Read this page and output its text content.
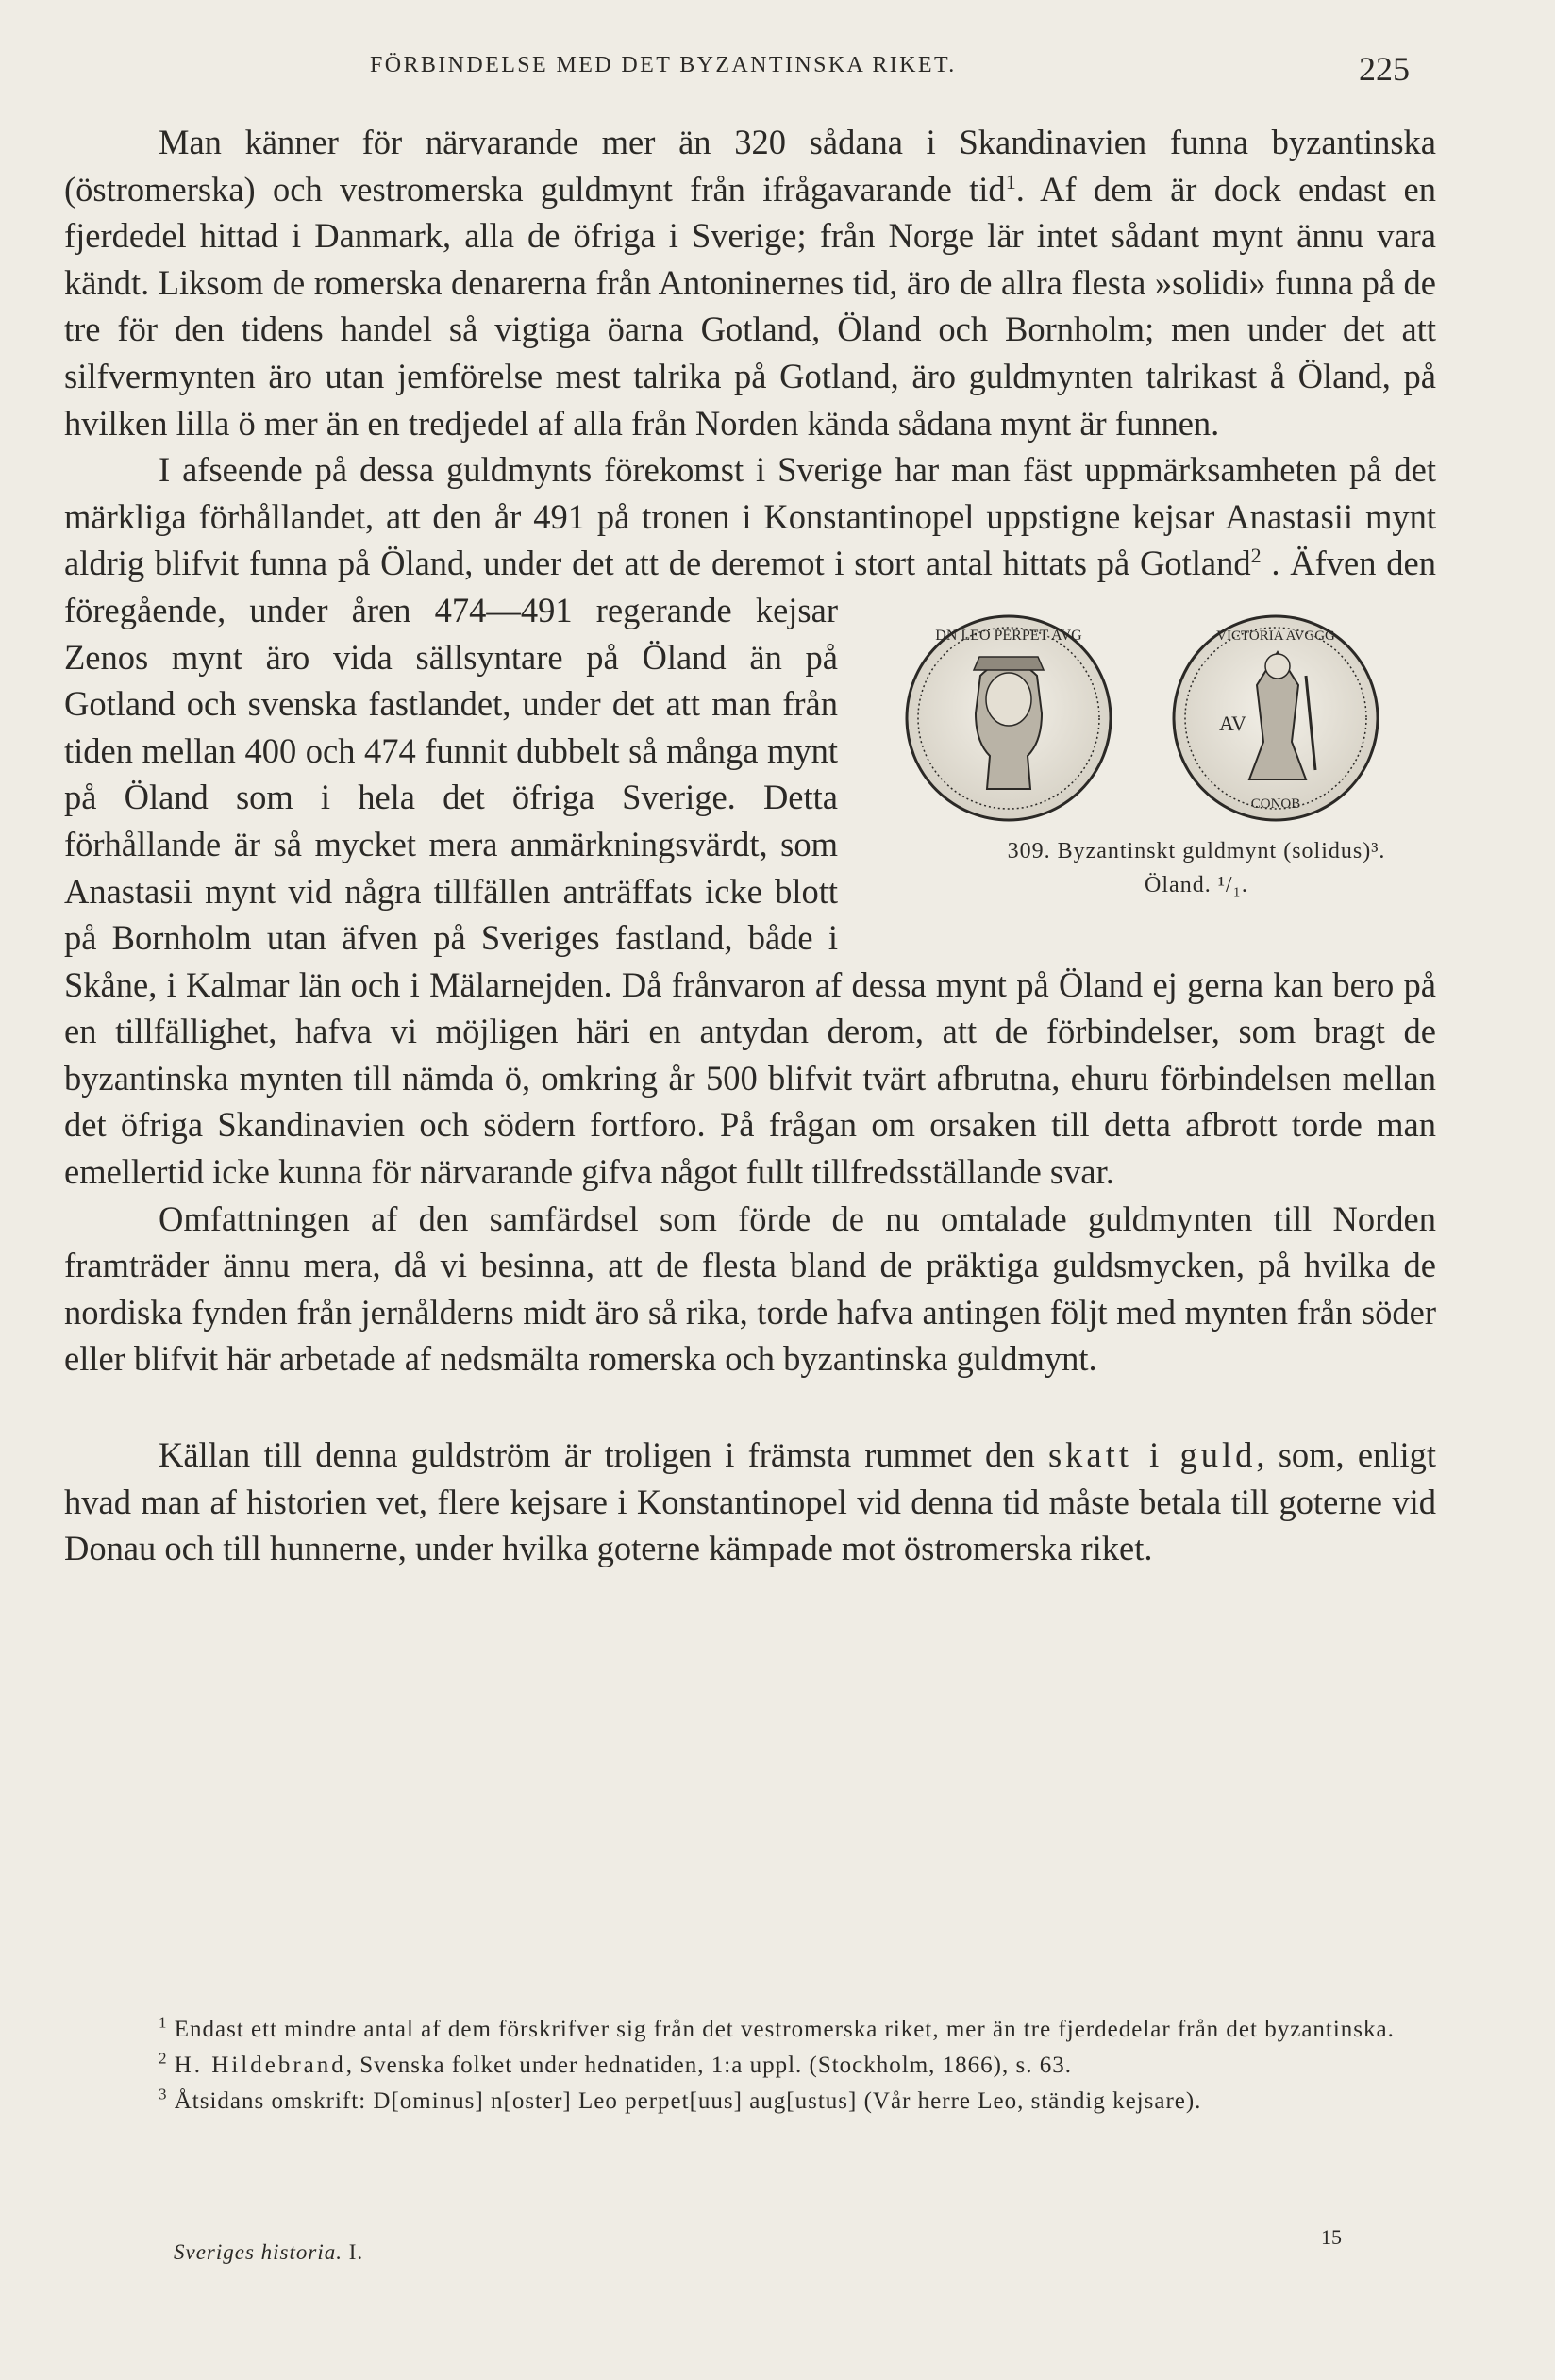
FÖRBINDELSE MED DET BYZANTINSKA RIKET.	225

Man känner för närvarande mer än 320 sådana i Skandinavien funna byzantinska (östromerska) och vestromerska guldmynt från ifrågavarande tid$^1$. Af dem är dock endast en fjerdedel hittad i Danmark, alla de öfriga i Sverige; från Norge lär intet sådant mynt ännu vara kändt. Liksom de romerska denarerna från Antoninernes tid, äro de allra flesta »solidi» funna på de tre för den tidens handel så vigtiga öarna Gotland, Öland och Bornholm; men under det att silfvermynten äro utan jemförelse mest talrika på Gotland, äro guldmynten talrikast å Öland, på hvilken lilla ö mer än en tredjedel af alla från Norden kända sådana mynt är funnen.

I afseende på dessa guldmynts förekomst i Sverige har man fäst uppmärksamheten på det märkliga förhållandet, att den år 491 på tronen i Konstantinopel uppstigne kejsar Anastasii mynt aldrig blifvit funna på Öland, under det att de deremot i stort antal hittats på Gotland$^2$
DN LEO PERPET AVG
AV
VICTORIA AVGGG
CONOB
309. Byzantinskt guldmynt (solidus)³.
Öland. ¹/₁.
. Äfven den föregående, under åren 474—491 regerande kejsar Zenos mynt äro vida sällsyntare på Öland än på Gotland och svenska fastlandet, under det att man från tiden mellan 400 och 474 funnit dubbelt så många mynt på Öland som i hela det öfriga Sverige. Detta förhållande är så mycket mera anmärkningsvärdt, som Anastasii mynt vid några tillfällen anträffats icke blott på Bornholm utan äfven på Sveriges fastland, både i Skåne, i Kalmar län och i Mälarnejden. Då frånvaron af dessa mynt på Öland ej gerna kan bero på en tillfällighet, hafva vi möjligen häri en antydan derom, att de förbindelser, som bragt de byzantinska mynten till nämda ö, omkring år 500 blifvit tvärt afbrutna, ehuru förbindelsen mellan det öfriga Skandinavien och södern fortforo. På frågan om orsaken till detta afbrott torde man emellertid icke kunna för närvarande gifva något fullt tillfredsställande svar.

Omfattningen af den samfärdsel som förde de nu omtalade guldmynten till Norden framträder ännu mera, då vi besinna, att de flesta bland de präktiga guldsmycken, på hvilka de nordiska fynden från jernålderns midt äro så rika, torde hafva antingen följt med mynten från söder eller blifvit här arbetade af nedsmälta romerska och byzantinska guldmynt.

Källan till denna guldström är troligen i främsta rummet den skatt i guld, som, enligt hvad man af historien vet, flere kejsare i Konstantinopel vid denna tid måste betala till goterne vid Donau och till hunnerne, under hvilka goterne kämpade mot östromerska riket.

$^1$ Endast ett mindre antal af dem förskrifver sig från det vestromerska riket, mer än tre fjerdedelar från det byzantinska.

$^2$ H. Hildebrand, Svenska folket under hednatiden, 1:a uppl. (Stockholm, 1866), s. 63.

$^3$ Åtsidans omskrift: D[ominus] n[oster] Leo perpet[uus] aug[ustus] (Vår herre Leo, ständig kejsare).

Sveriges historia. I.
15
